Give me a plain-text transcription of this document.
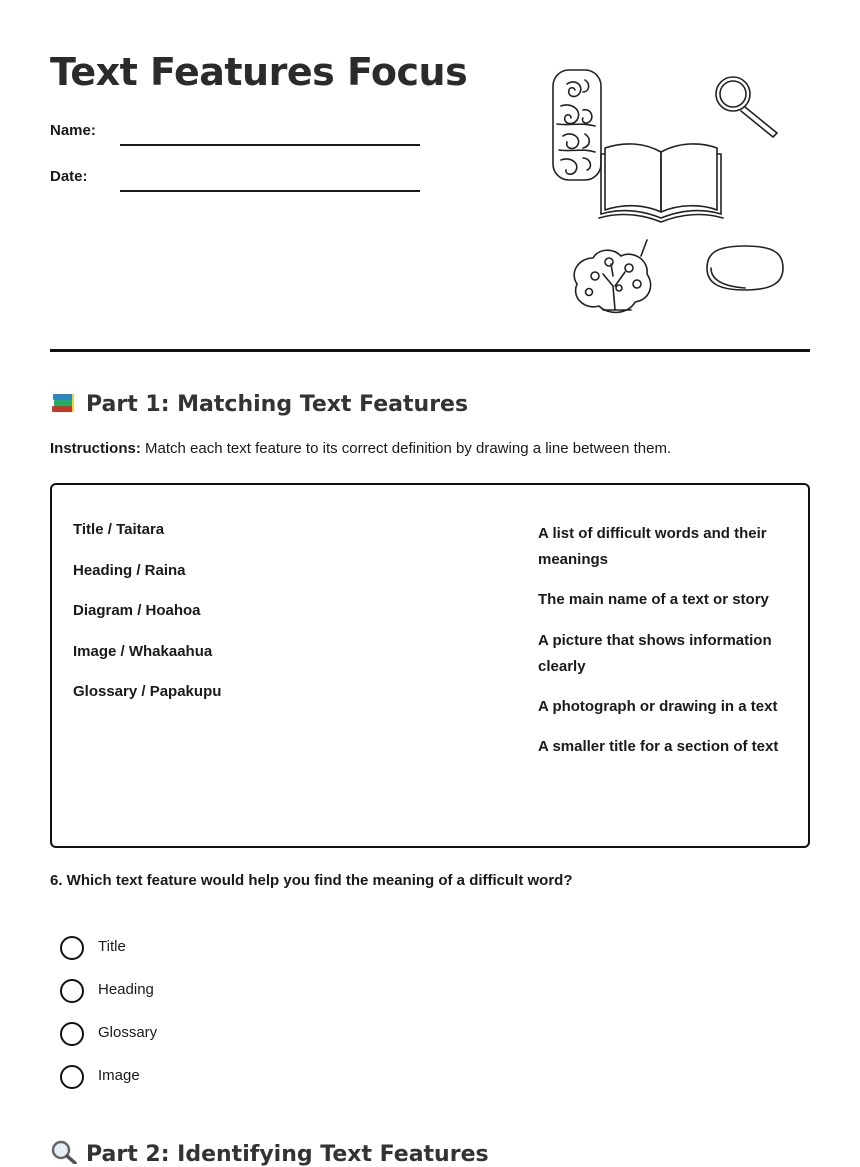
Text Features Focus
Name:
Date:
Part 1: Matching Text Features
Instructions: Match each text feature to its correct definition by drawing a line between them.
Title / Taitara
Heading / Raina
Diagram / Hoahoa
Image / Whakaahua
Glossary / Papakupu
A list of difficult words and their meanings
The main name of a text or story
A picture that shows information clearly
A photograph or drawing in a text
A smaller title for a section of text
6. Which text feature would help you find the meaning of a difficult word?
Title
Heading
Glossary
Image
Part 2: Identifying Text Features
